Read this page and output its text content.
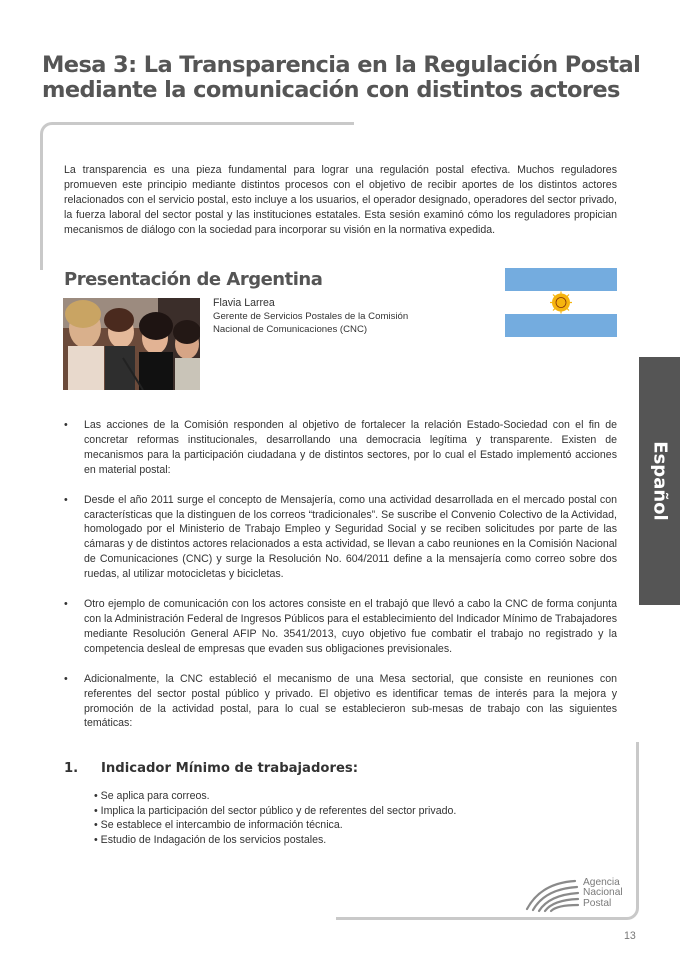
Mesa 3: La Transparencia en la Regulación Postal
mediante la comunicación con distintos actores

La transparencia es una pieza fundamental para lograr una regulación postal efectiva. Muchos reguladores promueven este principio mediante distintos procesos con el objetivo de recibir aportes de los distintos actores relacionados con el servicio postal, esto incluye a los usuarios, el operador designado, operadores del sector privado, la fuerza laboral del sector postal y las instituciones estatales. Esta sesión examinó cómo los reguladores propician mecanismos de diálogo con la sociedad para incorporar su visión en la normativa expedida.

Presentación de Argentina
Flavia Larrea
Gerente de Servicios Postales de la Comisión
Nacional de Comunicaciones (CNC)
Español
• Las acciones de la Comisión responden al objetivo de fortalecer la relación Estado-Sociedad con el fin de concretar reformas institucionales, desarrollando una democracia legítima y transparente. Existen de mecanismos para la participación ciudadana y de distintos sectores, por lo cual el Estado implementó acciones en material postal:
• Desde el año 2011 surge el concepto de Mensajería, como una actividad desarrollada en el mercado postal con características que la distinguen de los correos “tradicionales”. Se suscribe el Convenio Colectivo de la Actividad, homologado por el Ministerio de Trabajo Empleo y Seguridad Social y se reciben solicitudes por parte de las cámaras y de distintos actores relacionados a esta actividad, se llevan a cabo reuniones en la Comisión Nacional de Comunicaciones (CNC) y surge la Resolución No. 604/2011 define a la mensajería como correo sobre dos ruedas, al utilizar motocicletas y bicicletas.
• Otro ejemplo de comunicación con los actores consiste en el trabajó que llevó a cabo la CNC de forma conjunta con la Administración Federal de Ingresos Públicos para el establecimiento del Indicador Mínimo de Trabajadores mediante Resolución General AFIP No. 3541/2013, cuyo objetivo fue combatir el trabajo no registrado y la competencia desleal de empresas que evaden sus obligaciones previsionales.
• Adicionalmente, la CNC estableció el mecanismo de una Mesa sectorial, que consiste en reuniones con referentes del sector postal público y privado. El objetivo es identificar temas de interés para la mejora y promoción de la actividad postal, para lo cual se establecieron sub-mesas de trabajo con las siguientes temáticas:
1. Indicador Mínimo de trabajadores:
• Se aplica para correos.
• Implica la participación del sector público y de referentes del sector privado.
• Se establece el intercambio de información técnica.
• Estudio de Indagación de los servicios postales.
Agencia
Nacional
Postal
13
